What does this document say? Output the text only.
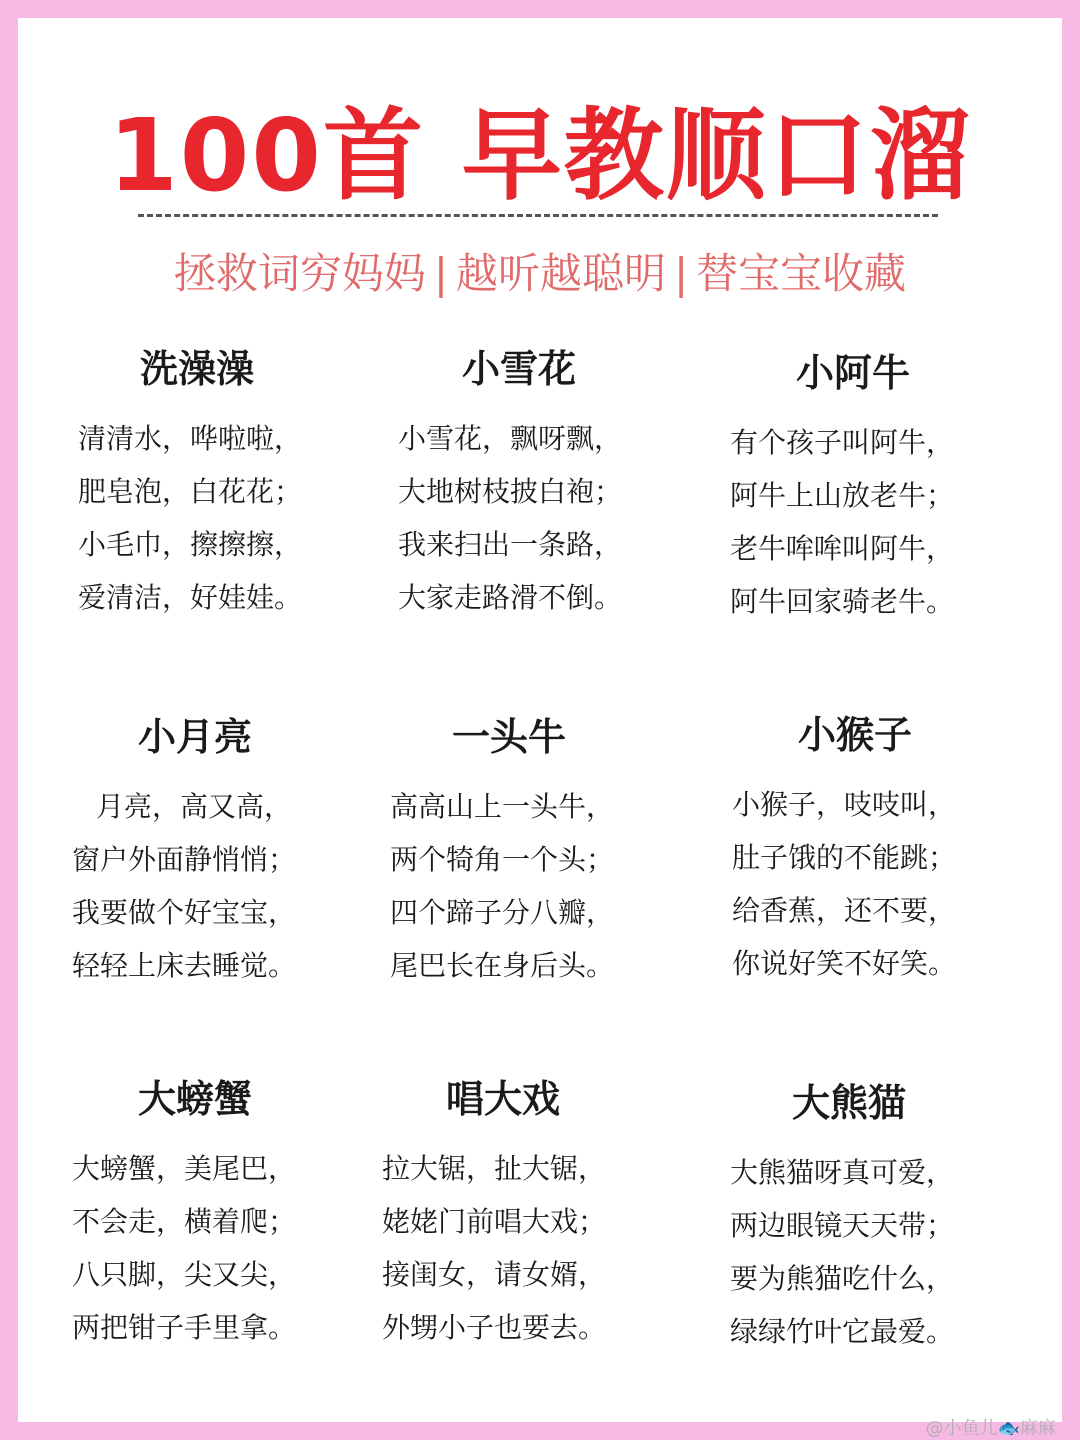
100首 早教顺口溜
拯救词穷妈妈 | 越听越聪明 | 替宝宝收藏
洗澡澡
清清水，哗啦啦，
肥皂泡，白花花；
小毛巾，擦擦擦，
爱清洁，好娃娃。
小雪花
小雪花，飘呀飘，
大地树枝披白袍；
我来扫出一条路，
大家走路滑不倒。
小阿牛
有个孩子叫阿牛，
阿牛上山放老牛；
老牛哞哞叫阿牛，
阿牛回家骑老牛。
小月亮
月亮，高又高，
窗户外面静悄悄；
我要做个好宝宝，
轻轻上床去睡觉。
一头牛
高高山上一头牛，
两个犄角一个头；
四个蹄子分八瓣，
尾巴长在身后头。
小猴子
小猴子，吱吱叫，
肚子饿的不能跳；
给香蕉，还不要，
你说好笑不好笑。
大螃蟹
大螃蟹，美尾巴，
不会走，横着爬；
八只脚，尖又尖，
两把钳子手里拿。
唱大戏
拉大锯，扯大锯，
姥姥门前唱大戏；
接闺女，请女婿，
外甥小子也要去。
大熊猫
大熊猫呀真可爱，
两边眼镜天天带；
要为熊猫吃什么，
绿绿竹叶它最爱。
@小鱼儿🐟麻麻
